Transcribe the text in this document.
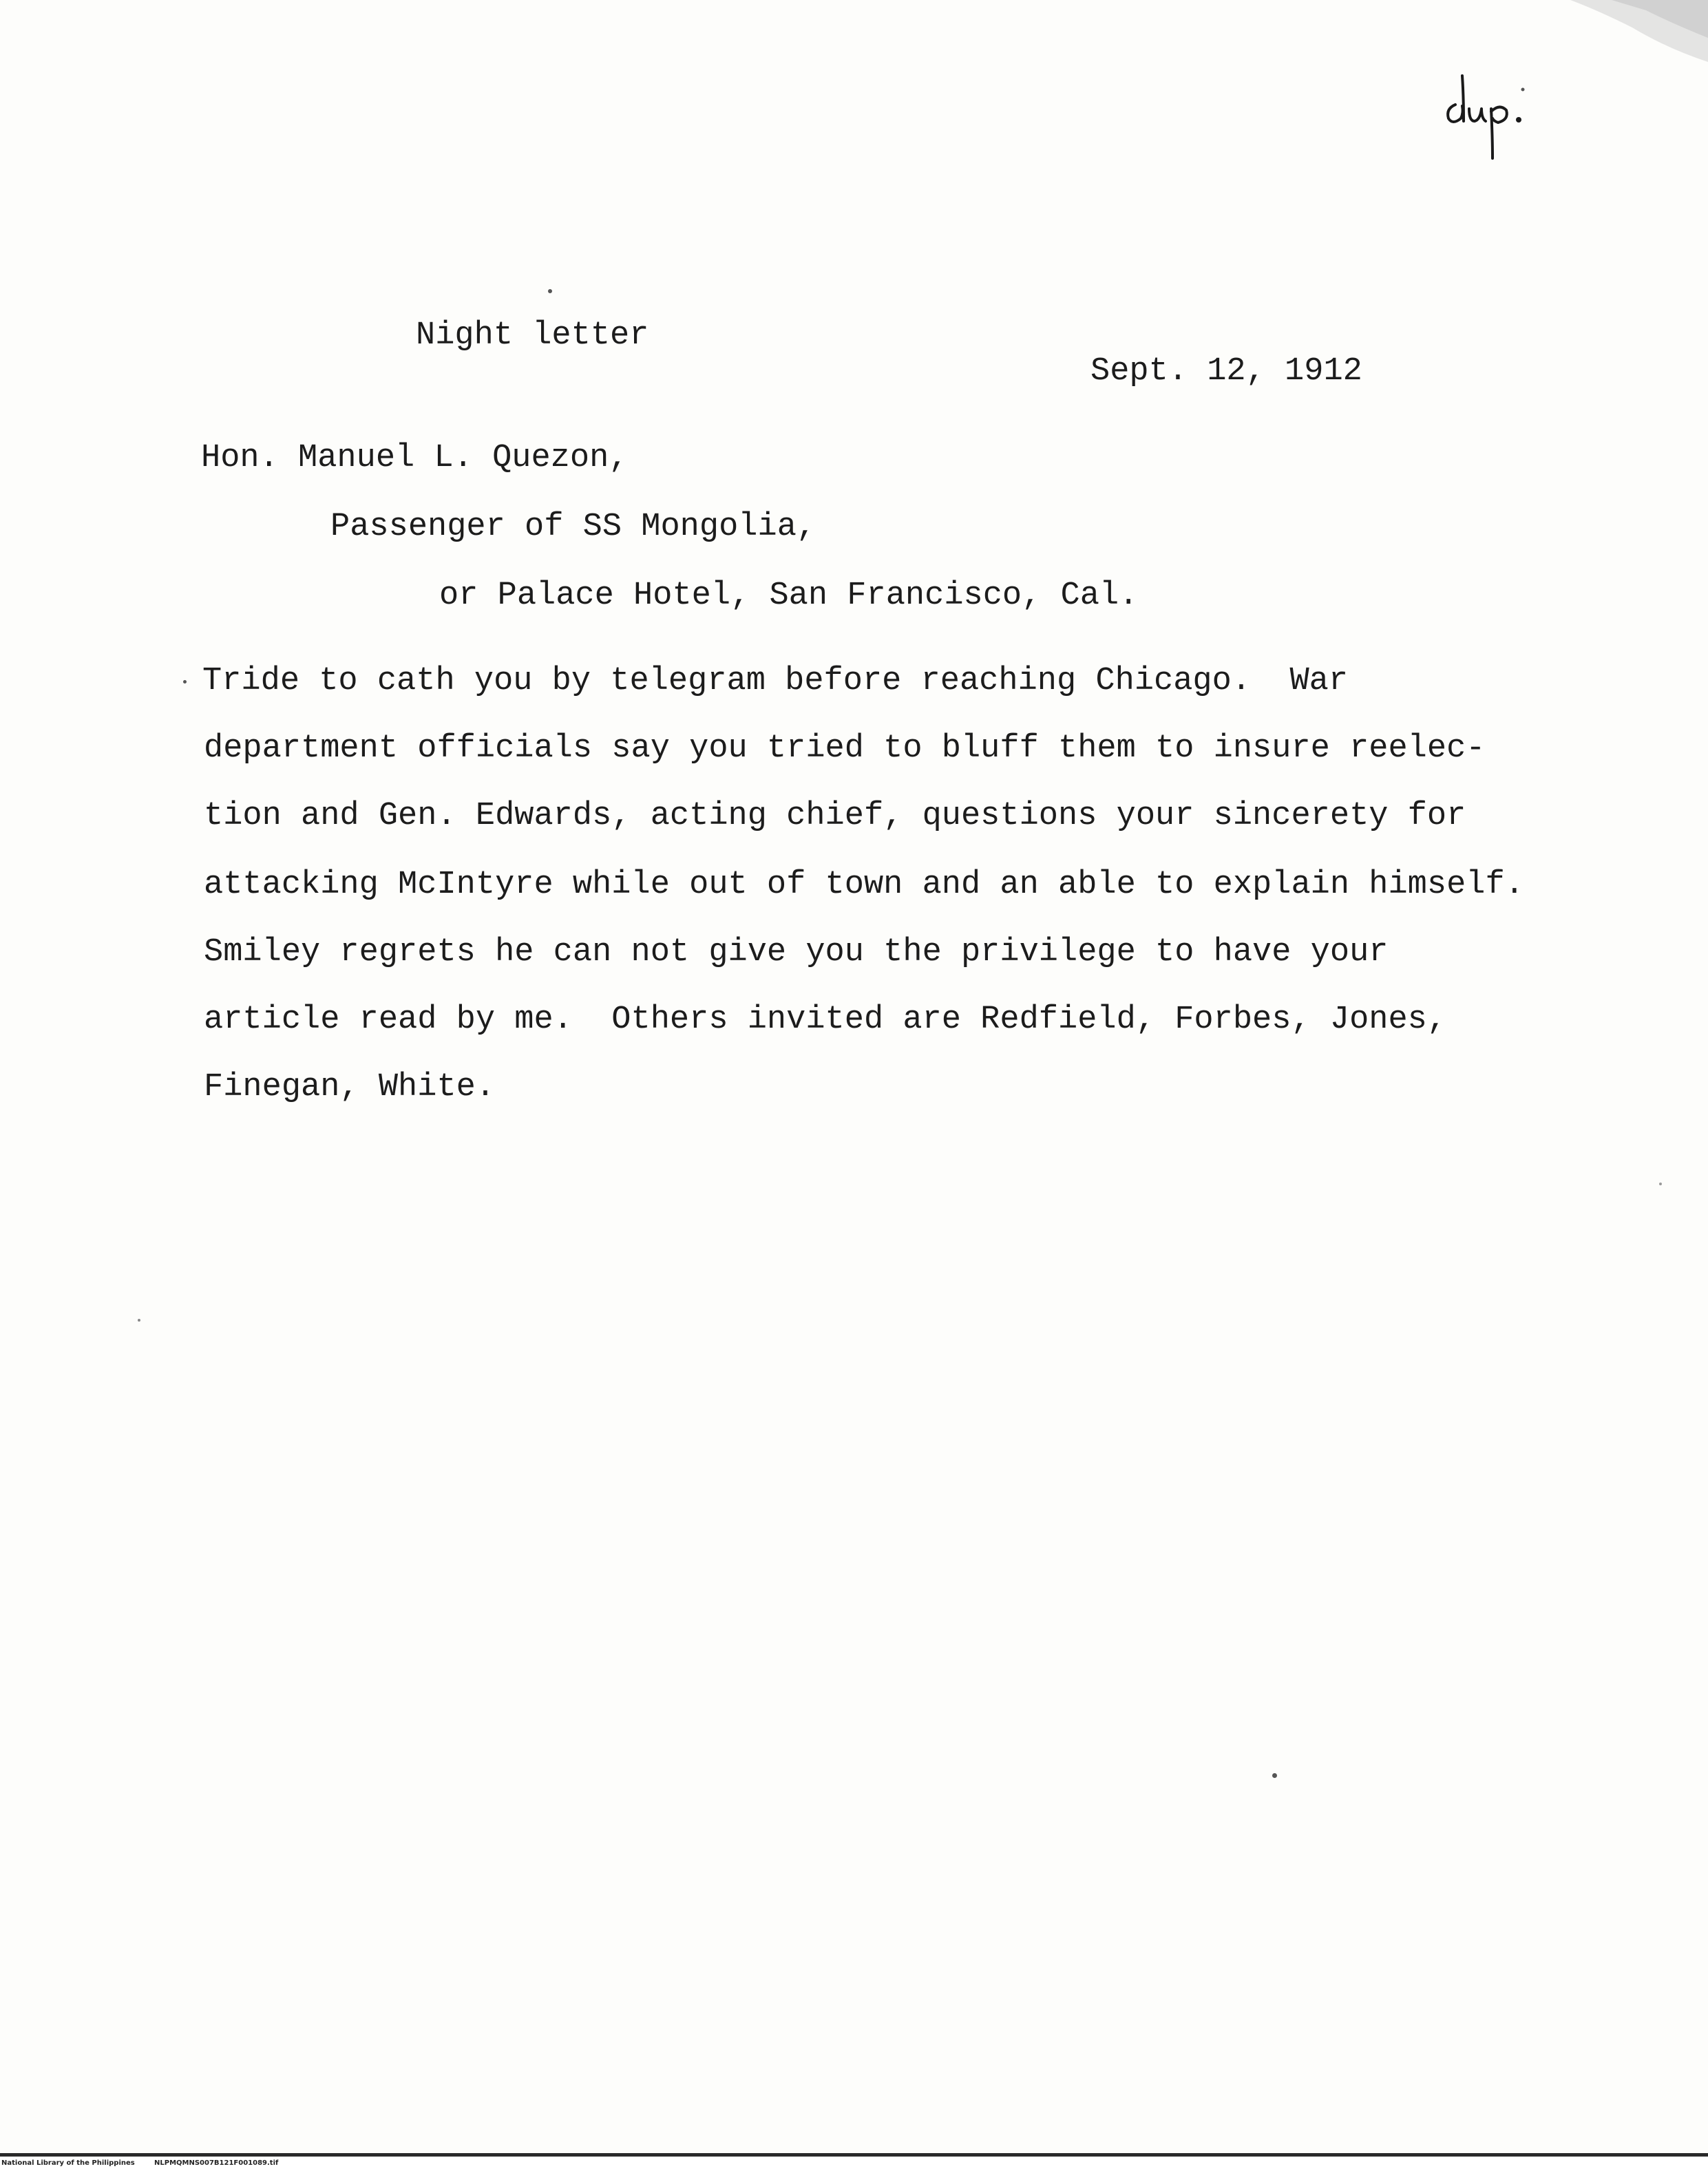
Night letter
Sept. 12, 1912
Hon. Manuel L. Quezon,
Passenger of SS Mongolia,
or Palace Hotel, San Francisco, Cal.
Tride to cath you by telegram before reaching Chicago.  War
department officials say you tried to bluff them to insure reelec-
tion and Gen. Edwards, acting chief, questions your sincerety for
attacking McIntyre while out of town and an able to explain himself.
Smiley regrets he can not give you the privilege to have your
article read by me.  Others invited are Redfield, Forbes, Jones,
Finegan, White.
National Library of the Philippines	NLPMQMNS007B121F001089.tif
